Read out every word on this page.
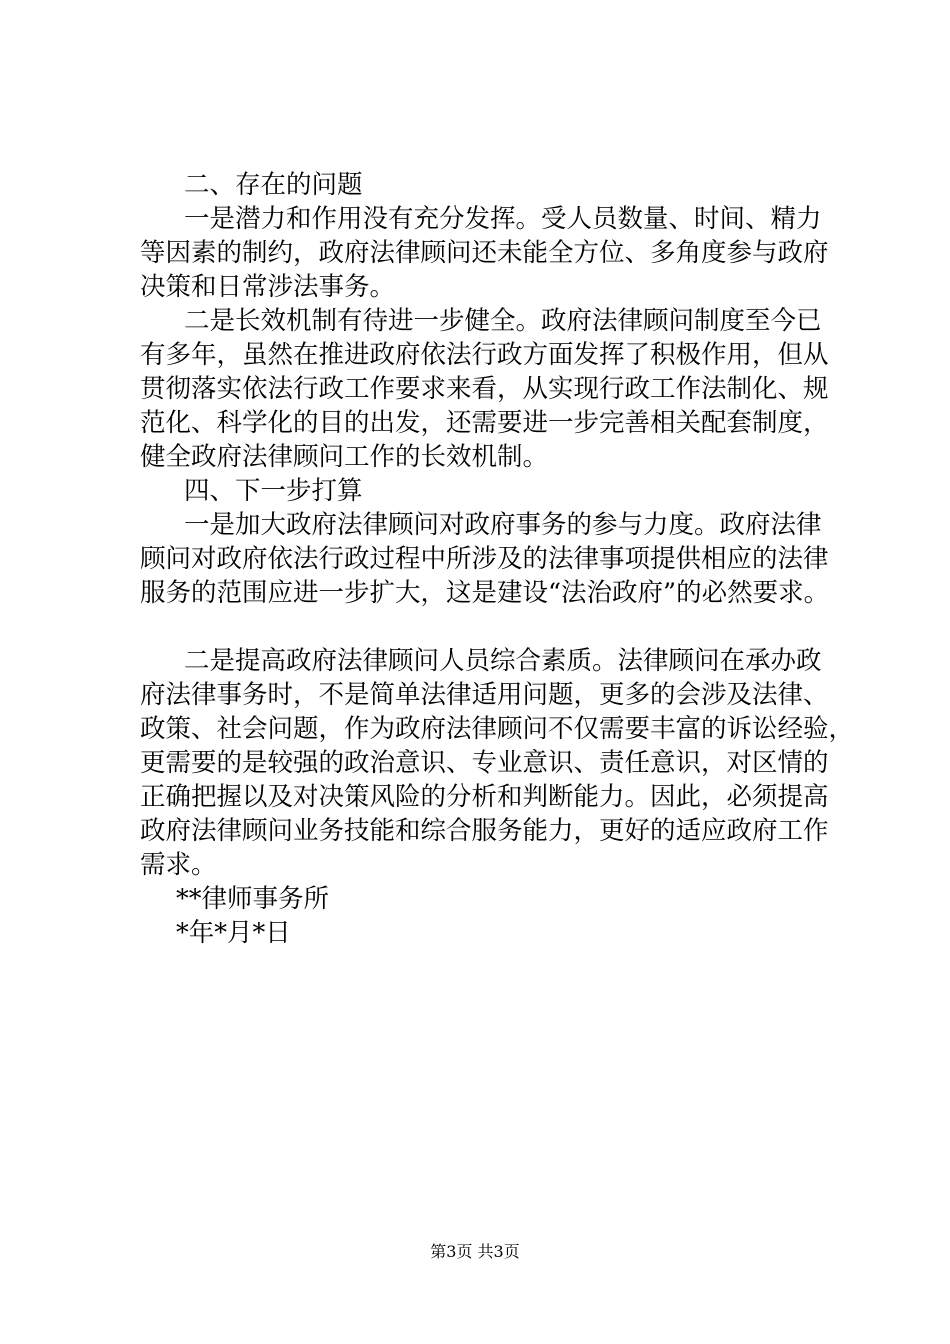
二、存在的问题
一是潜力和作用没有充分发挥。受人员数量、时间、精力
等因素的制约，政府法律顾问还未能全方位、多角度参与政府
决策和日常涉法事务。
二是长效机制有待进一步健全。政府法律顾问制度至今已
有多年，虽然在推进政府依法行政方面发挥了积极作用，但从
贯彻落实依法行政工作要求来看，从实现行政工作法制化、规
范化、科学化的目的出发，还需要进一步完善相关配套制度，
健全政府法律顾问工作的长效机制。
四、下一步打算
一是加大政府法律顾问对政府事务的参与力度。政府法律
顾问对政府依法行政过程中所涉及的法律事项提供相应的法律
服务的范围应进一步扩大，这是建设“法治政府”的必然要求。
二是提高政府法律顾问人员综合素质。法律顾问在承办政
府法律事务时，不是简单法律适用问题，更多的会涉及法律、
政策、社会问题，作为政府法律顾问不仅需要丰富的诉讼经验，
更需要的是较强的政治意识、专业意识、责任意识，对区情的
正确把握以及对决策风险的分析和判断能力。因此，必须提高
政府法律顾问业务技能和综合服务能力，更好的适应政府工作
需求。
**律师事务所
*年*月*日
第3页 共3页
